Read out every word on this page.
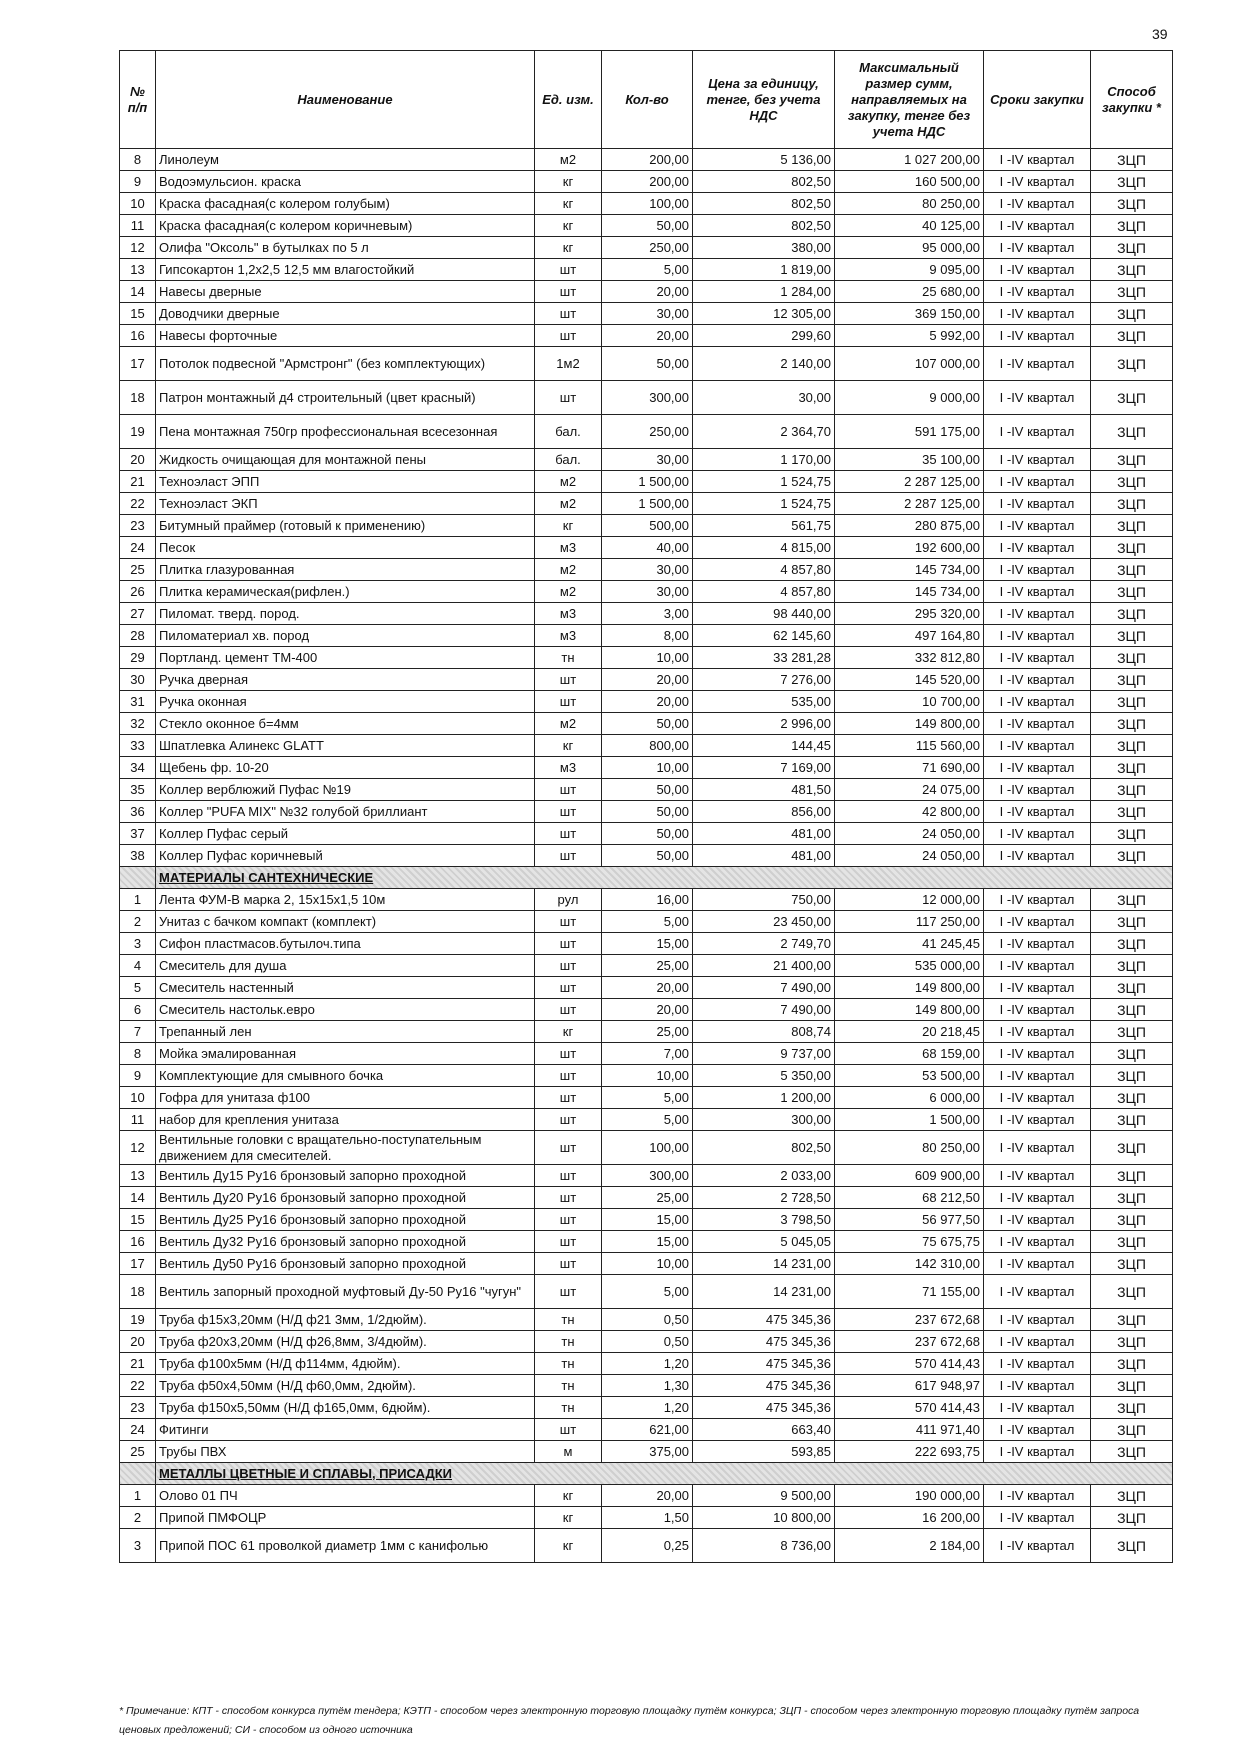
39
№ п/п	Наименование	Ед. изм.	Кол-во	Цена за единицу, тенге, без учета НДС	Максимальный размер сумм, направляемых на закупку, тенге без учета НДС	Сроки закупки	Способ закупки *
8	Линолеум	м2	200,00	5 136,00	1 027 200,00	I -IV квартал	ЗЦП
9	Водоэмульсион. краска	кг	200,00	802,50	160 500,00	I -IV квартал	ЗЦП
10	Краска фасадная(с колером голубым)	кг	100,00	802,50	80 250,00	I -IV квартал	ЗЦП
11	Краска фасадная(с колером коричневым)	кг	50,00	802,50	40 125,00	I -IV квартал	ЗЦП
12	Олифа "Оксоль" в бутылках по 5 л	кг	250,00	380,00	95 000,00	I -IV квартал	ЗЦП
13	Гипсокартон 1,2х2,5 12,5 мм влагостойкий	шт	5,00	1 819,00	9 095,00	I -IV квартал	ЗЦП
14	Навесы дверные	шт	20,00	1 284,00	25 680,00	I -IV квартал	ЗЦП
15	Доводчики дверные	шт	30,00	12 305,00	369 150,00	I -IV квартал	ЗЦП
16	Навесы форточные	шт	20,00	299,60	5 992,00	I -IV квартал	ЗЦП
17	Потолок подвесной "Армстронг" (без комплектующих)	1м2	50,00	2 140,00	107 000,00	I -IV квартал	ЗЦП
18	Патрон монтажный д4 строительный (цвет красный)	шт	300,00	30,00	9 000,00	I -IV квартал	ЗЦП
19	Пена монтажная 750гр профессиональная всесезонная	бал.	250,00	2 364,70	591 175,00	I -IV квартал	ЗЦП
20	Жидкость очищающая для монтажной пены	бал.	30,00	1 170,00	35 100,00	I -IV квартал	ЗЦП
21	Техноэласт ЭПП	м2	1 500,00	1 524,75	2 287 125,00	I -IV квартал	ЗЦП
22	Техноэласт ЭКП	м2	1 500,00	1 524,75	2 287 125,00	I -IV квартал	ЗЦП
23	Битумный праймер (готовый к применению)	кг	500,00	561,75	280 875,00	I -IV квартал	ЗЦП
24	Песок	м3	40,00	4 815,00	192 600,00	I -IV квартал	ЗЦП
25	Плитка глазурованная	м2	30,00	4 857,80	145 734,00	I -IV квартал	ЗЦП
26	Плитка керамическая(рифлен.)	м2	30,00	4 857,80	145 734,00	I -IV квартал	ЗЦП
27	Пиломат. тверд. пород.	м3	3,00	98 440,00	295 320,00	I -IV квартал	ЗЦП
28	Пиломатериал хв. пород	м3	8,00	62 145,60	497 164,80	I -IV квартал	ЗЦП
29	Портланд. цемент ТМ-400	тн	10,00	33 281,28	332 812,80	I -IV квартал	ЗЦП
30	Ручка дверная	шт	20,00	7 276,00	145 520,00	I -IV квартал	ЗЦП
31	Ручка оконная	шт	20,00	535,00	10 700,00	I -IV квартал	ЗЦП
32	Стекло оконное б=4мм	м2	50,00	2 996,00	149 800,00	I -IV квартал	ЗЦП
33	Шпатлевка Алинекс GLATT	кг	800,00	144,45	115 560,00	I -IV квартал	ЗЦП
34	Щебень фр. 10-20	м3	10,00	7 169,00	71 690,00	I -IV квартал	ЗЦП
35	Коллер верблюжий Пуфас №19	шт	50,00	481,50	24 075,00	I -IV квартал	ЗЦП
36	Коллер "PUFA MIX" №32 голубой бриллиант	шт	50,00	856,00	42 800,00	I -IV квартал	ЗЦП
37	Коллер Пуфас серый	шт	50,00	481,00	24 050,00	I -IV квартал	ЗЦП
38	Коллер Пуфас коричневый	шт	50,00	481,00	24 050,00	I -IV квартал	ЗЦП
	МАТЕРИАЛЫ САНТЕХНИЧЕСКИЕ						
1	Лента ФУМ-В марка 2, 15х15х1,5 10м	рул	16,00	750,00	12 000,00	I -IV квартал	ЗЦП
2	Унитаз с бачком компакт (комплект)	шт	5,00	23 450,00	117 250,00	I -IV квартал	ЗЦП
3	Сифон пластмасов.бутылоч.типа	шт	15,00	2 749,70	41 245,45	I -IV квартал	ЗЦП
4	Смеситель для душа	шт	25,00	21 400,00	535 000,00	I -IV квартал	ЗЦП
5	Смеситель настенный	шт	20,00	7 490,00	149 800,00	I -IV квартал	ЗЦП
6	Смеситель настольк.евро	шт	20,00	7 490,00	149 800,00	I -IV квартал	ЗЦП
7	Трепанный лен	кг	25,00	808,74	20 218,45	I -IV квартал	ЗЦП
8	Мойка эмалированная	шт	7,00	9 737,00	68 159,00	I -IV квартал	ЗЦП
9	Комплектующие для смывного бочка	шт	10,00	5 350,00	53 500,00	I -IV квартал	ЗЦП
10	Гофра для унитаза ф100	шт	5,00	1 200,00	6 000,00	I -IV квартал	ЗЦП
11	набор для крепления унитаза	шт	5,00	300,00	1 500,00	I -IV квартал	ЗЦП
12	Вентильные головки с вращательно-поступательным движением для смесителей.	шт	100,00	802,50	80 250,00	I -IV квартал	ЗЦП
13	Вентиль Ду15 Ру16 бронзовый запорно проходной	шт	300,00	2 033,00	609 900,00	I -IV квартал	ЗЦП
14	Вентиль Ду20 Ру16 бронзовый запорно проходной	шт	25,00	2 728,50	68 212,50	I -IV квартал	ЗЦП
15	Вентиль Ду25 Ру16 бронзовый запорно проходной	шт	15,00	3 798,50	56 977,50	I -IV квартал	ЗЦП
16	Вентиль Ду32 Ру16 бронзовый запорно проходной	шт	15,00	5 045,05	75 675,75	I -IV квартал	ЗЦП
17	Вентиль Ду50 Ру16 бронзовый запорно проходной	шт	10,00	14 231,00	142 310,00	I -IV квартал	ЗЦП
18	Вентиль запорный проходной муфтовый Ду-50 Ру16 "чугун"	шт	5,00	14 231,00	71 155,00	I -IV квартал	ЗЦП
19	Труба ф15х3,20мм (Н/Д ф21 3мм, 1/2дюйм).	тн	0,50	475 345,36	237 672,68	I -IV квартал	ЗЦП
20	Труба ф20х3,20мм (Н/Д ф26,8мм, 3/4дюйм).	тн	0,50	475 345,36	237 672,68	I -IV квартал	ЗЦП
21	Труба ф100х5мм (Н/Д ф114мм, 4дюйм).	тн	1,20	475 345,36	570 414,43	I -IV квартал	ЗЦП
22	Труба ф50х4,50мм (Н/Д ф60,0мм, 2дюйм).	тн	1,30	475 345,36	617 948,97	I -IV квартал	ЗЦП
23	Труба ф150х5,50мм (Н/Д ф165,0мм, 6дюйм).	тн	1,20	475 345,36	570 414,43	I -IV квартал	ЗЦП
24	Фитинги	шт	621,00	663,40	411 971,40	I -IV квартал	ЗЦП
25	Трубы ПВХ	м	375,00	593,85	222 693,75	I -IV квартал	ЗЦП
	МЕТАЛЛЫ ЦВЕТНЫЕ И СПЛАВЫ, ПРИСАДКИ						
1	Олово 01 ПЧ	кг	20,00	9 500,00	190 000,00	I -IV квартал	ЗЦП
2	Припой ПМФОЦР	кг	1,50	10 800,00	16 200,00	I -IV квартал	ЗЦП
3	Припой ПОС 61 проволкой диаметр 1мм с канифолью	кг	0,25	8 736,00	2 184,00	I -IV квартал	ЗЦП
* Примечание: КПТ - способом конкурса путём тендера; КЭТП - способом через электронную торговую площадку путём конкурса; ЗЦП - способом через электронную торговую площадку путём запроса ценовых предложений; СИ - способом из одного источника
